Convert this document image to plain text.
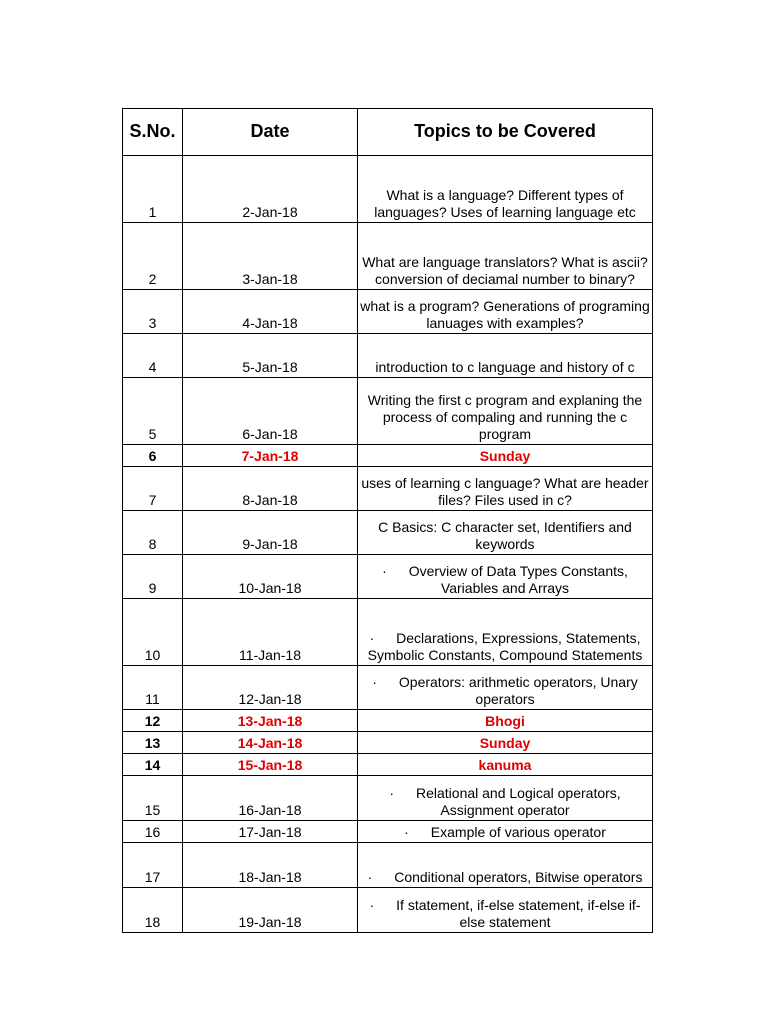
S.No.	Date	Topics to be Covered
1	2-Jan-18	What is a language? Different types of languages? Uses of learning language etc
2	3-Jan-18	What are language translators? What is ascii? conversion of deciamal number to binary?
3	4-Jan-18	what is a program? Generations of programing lanuages with examples?
4	5-Jan-18	introduction to c language and history of c
5	6-Jan-18	Writing the first c program and explaning the process of compaling and running the c program
6	7-Jan-18	Sunday
7	8-Jan-18	uses of learning c language? What are header files? Files used in c?
8	9-Jan-18	C Basics: C character set, Identifiers and keywords
9	10-Jan-18	· Overview of Data Types Constants, Variables and Arrays
10	11-Jan-18	· Declarations, Expressions, Statements, Symbolic Constants, Compound Statements
11	12-Jan-18	· Operators: arithmetic operators, Unary operators
12	13-Jan-18	Bhogi
13	14-Jan-18	Sunday
14	15-Jan-18	kanuma
15	16-Jan-18	· Relational and Logical operators, Assignment operator
16	17-Jan-18	· Example of various operator
17	18-Jan-18	· Conditional operators, Bitwise operators
18	19-Jan-18	· If statement, if-else statement, if-else if-else statement
